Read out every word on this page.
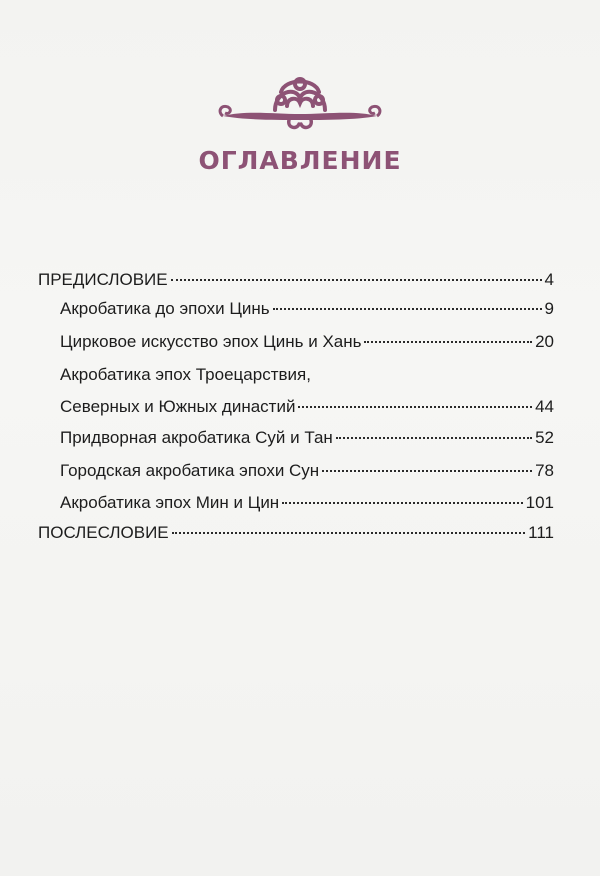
ОГЛАВЛЕНИЕ
ПРЕДИСЛОВИЕ	4
Акробатика до эпохи Цинь	9
Цирковое искусство эпох Цинь и Хань	20
Акробатика эпох Троецарствия,
Северных и Южных династий	44
Придворная акробатика Суй и Тан	52
Городская акробатика эпохи Сун	78
Акробатика эпох Мин и Цин	101
ПОСЛЕСЛОВИЕ	111
